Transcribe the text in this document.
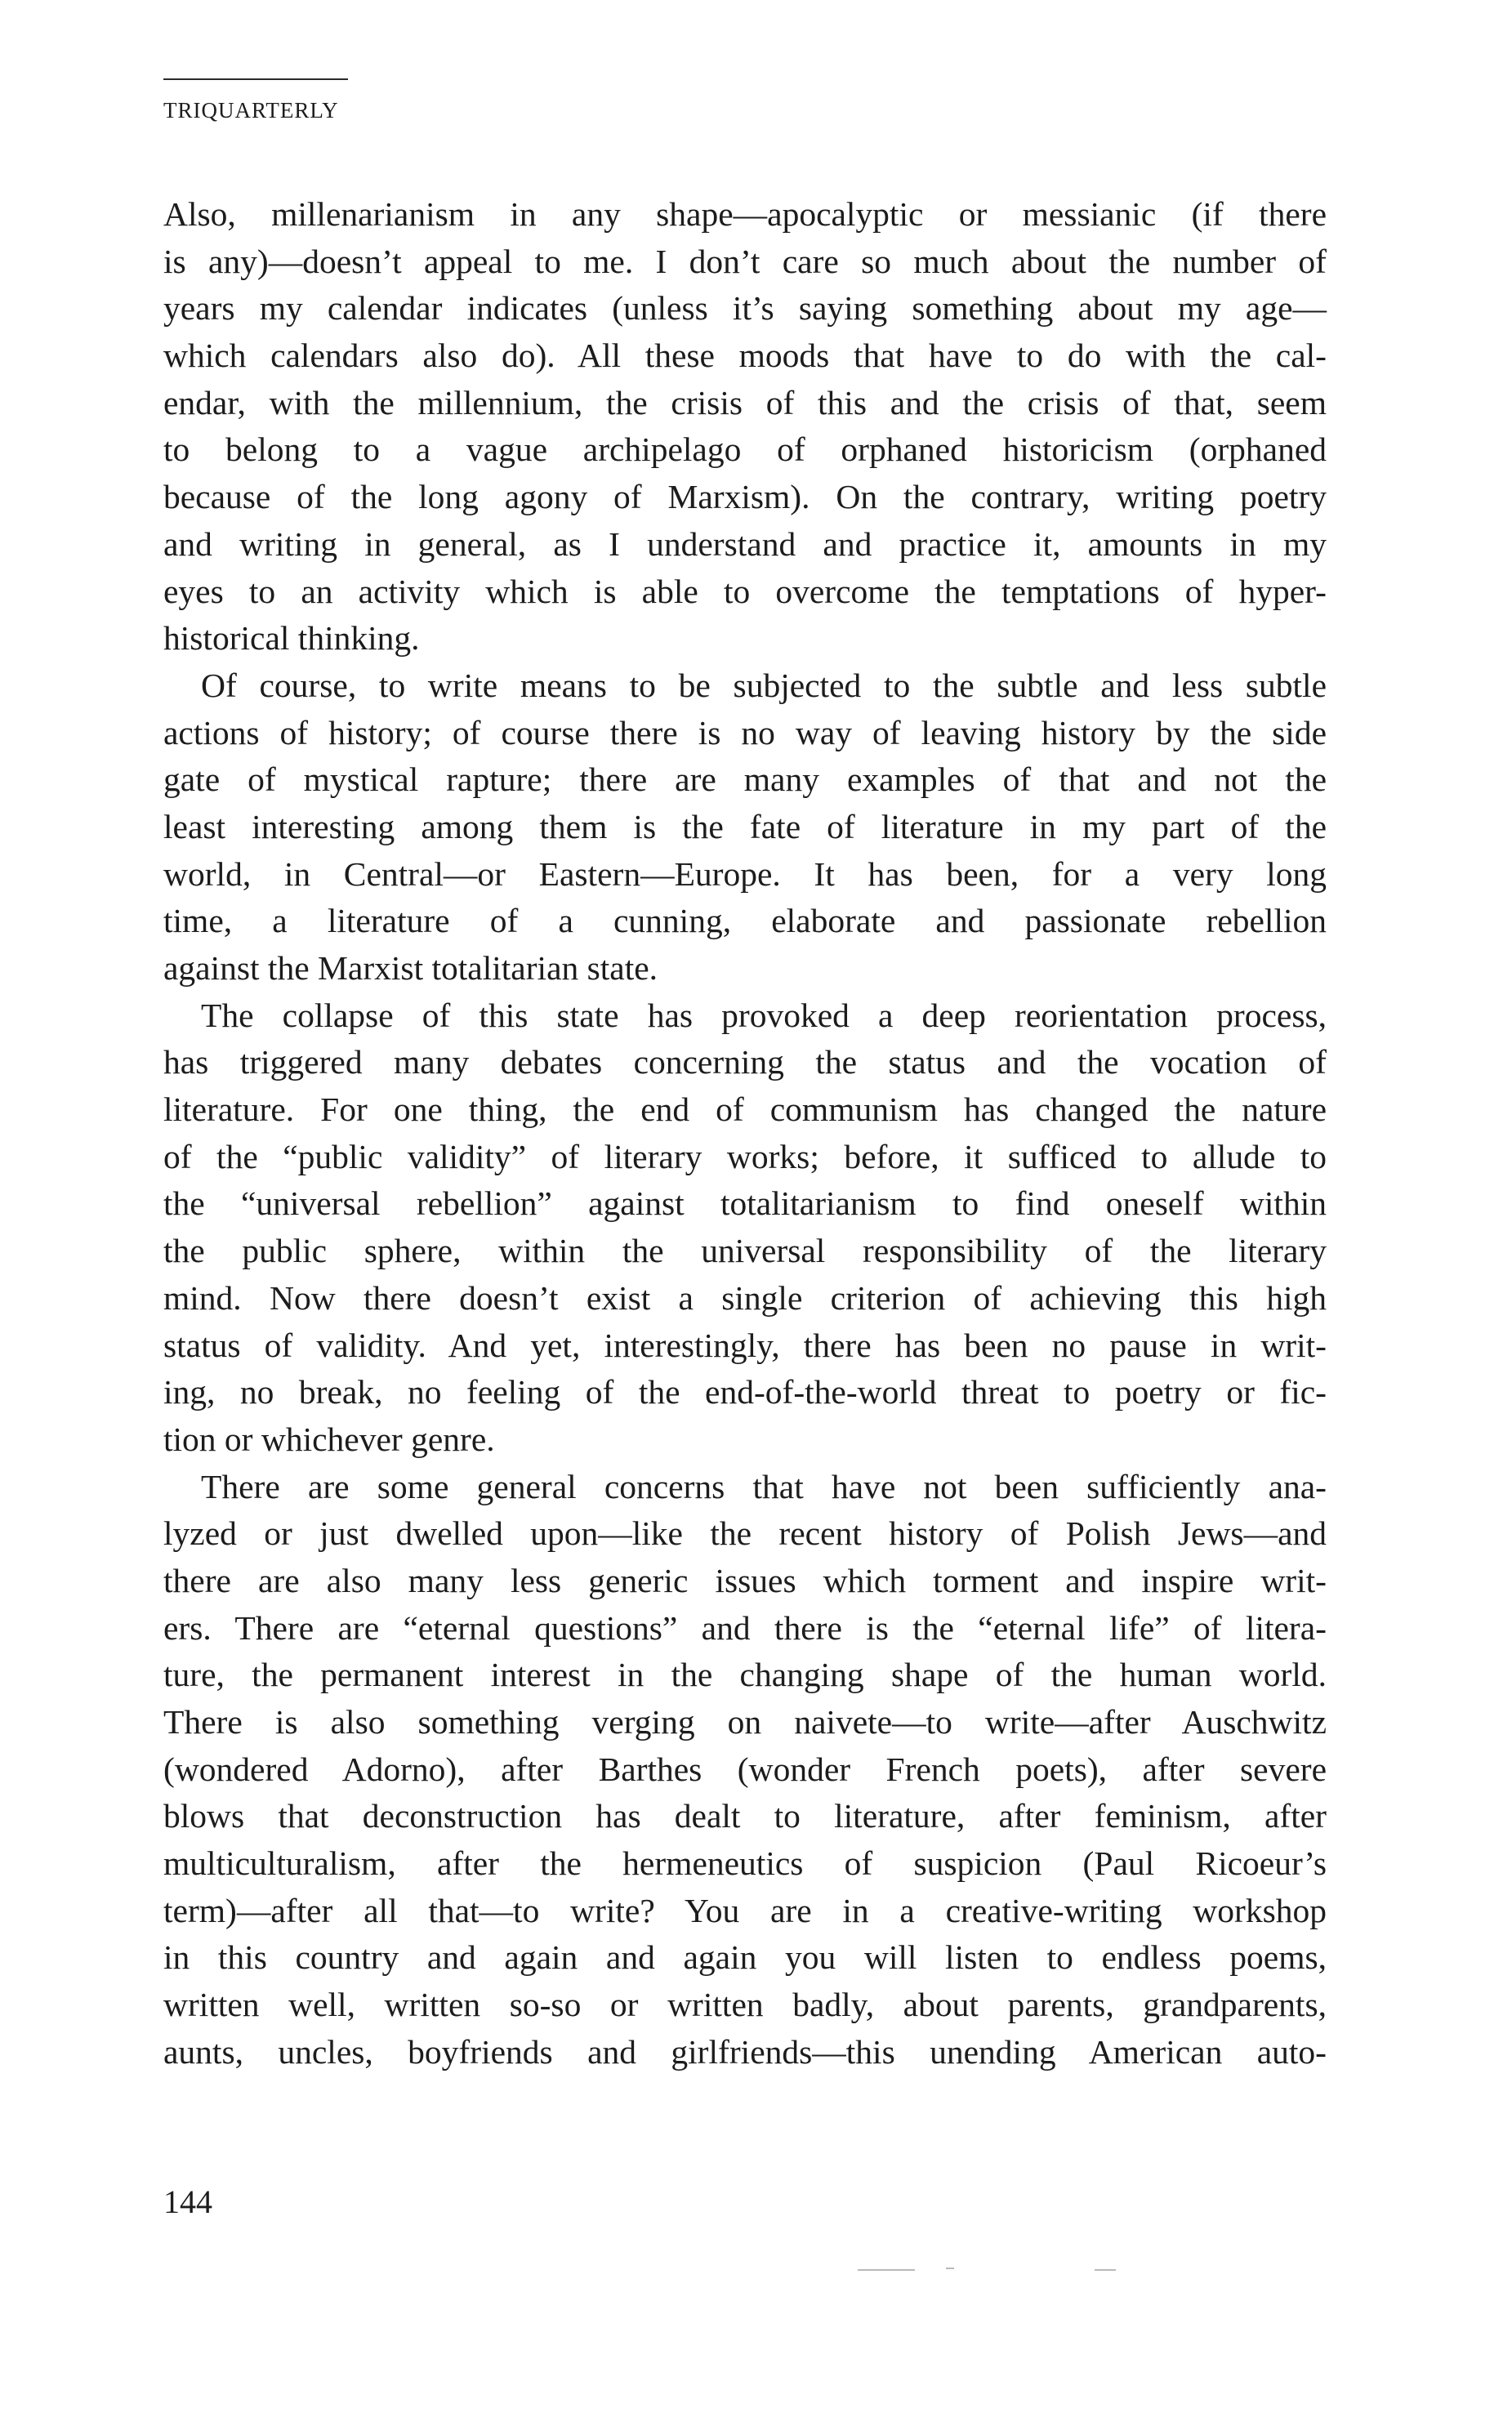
TRIQUARTERLY
Also, millenarianism in any shape—apocalyptic or messianic (if there
is any)—doesn’t appeal to me. I don’t care so much about the number of
years my calendar indicates (unless it’s saying something about my age—
which calendars also do). All these moods that have to do with the cal-
endar, with the millennium, the crisis of this and the crisis of that, seem
to belong to a vague archipelago of orphaned historicism (orphaned
because of the long agony of Marxism). On the contrary, writing poetry
and writing in general, as I understand and practice it, amounts in my
eyes to an activity which is able to overcome the temptations of hyper-
historical thinking.
Of course, to write means to be subjected to the subtle and less subtle
actions of history; of course there is no way of leaving history by the side
gate of mystical rapture; there are many examples of that and not the
least interesting among them is the fate of literature in my part of the
world, in Central—or Eastern—Europe. It has been, for a very long
time, a literature of a cunning, elaborate and passionate rebellion
against the Marxist totalitarian state.
The collapse of this state has provoked a deep reorientation process,
has triggered many debates concerning the status and the vocation of
literature. For one thing, the end of communism has changed the nature
of the “public validity” of literary works; before, it sufficed to allude to
the “universal rebellion” against totalitarianism to find oneself within
the public sphere, within the universal responsibility of the literary
mind. Now there doesn’t exist a single criterion of achieving this high
status of validity. And yet, interestingly, there has been no pause in writ-
ing, no break, no feeling of the end-of-the-world threat to poetry or fic-
tion or whichever genre.
There are some general concerns that have not been sufficiently ana-
lyzed or just dwelled upon—like the recent history of Polish Jews—and
there are also many less generic issues which torment and inspire writ-
ers. There are “eternal questions” and there is the “eternal life” of litera-
ture, the permanent interest in the changing shape of the human world.
There is also something verging on naivete—to write—after Auschwitz
(wondered Adorno), after Barthes (wonder French poets), after severe
blows that deconstruction has dealt to literature, after feminism, after
multiculturalism, after the hermeneutics of suspicion (Paul Ricoeur’s
term)—after all that—to write? You are in a creative-writing workshop
in this country and again and again you will listen to endless poems,
written well, written so-so or written badly, about parents, grandparents,
aunts, uncles, boyfriends and girlfriends—this unending American auto-
144
